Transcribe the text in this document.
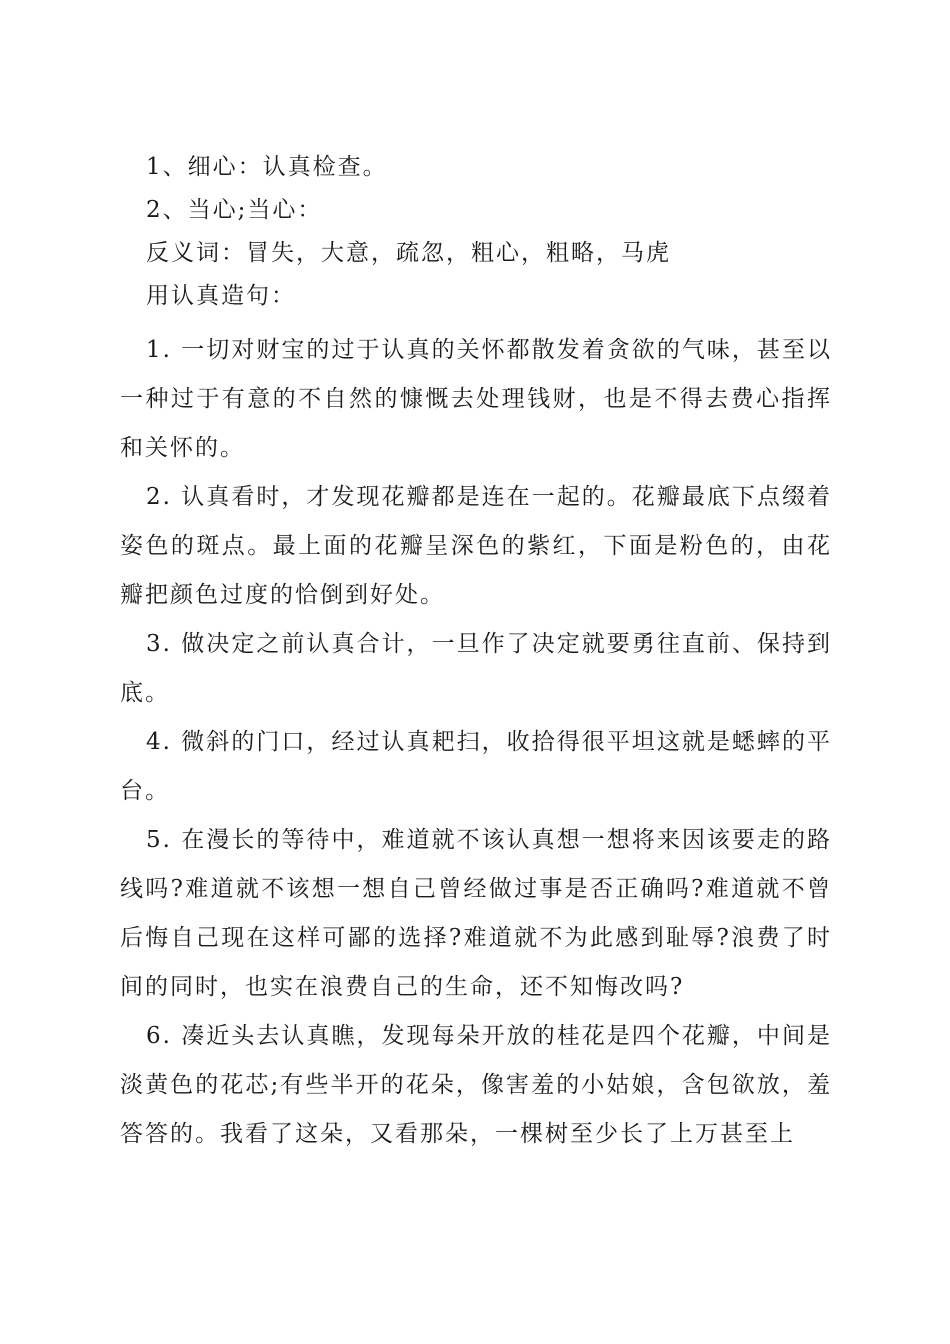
1、细心：认真检查。

2、当心;当心：

反义词：冒失，大意，疏忽，粗心，粗略，马虎

用认真造句：

1. 一切对财宝的过于认真的关怀都散发着贪欲的气味，甚至以一种过于有意的不自然的慷慨去处理钱财，也是不得去费心指挥和关怀的。

2. 认真看时，才发现花瓣都是连在一起的。花瓣最底下点缀着姿色的斑点。最上面的花瓣呈深色的紫红，下面是粉色的，由花瓣把颜色过度的恰倒到好处。

3. 做决定之前认真合计，一旦作了决定就要勇往直前、保持到底。

4. 微斜的门口，经过认真耙扫，收拾得很平坦这就是蟋蟀的平台。

5. 在漫长的等待中，难道就不该认真想一想将来因该要走的路线吗?难道就不该想一想自己曾经做过事是否正确吗?难道就不曾后悔自己现在这样可鄙的选择?难道就不为此感到耻辱?浪费了时间的同时，也实在浪费自己的生命，还不知悔改吗?

6. 凑近头去认真瞧，发现每朵开放的桂花是四个花瓣，中间是淡黄色的花芯;有些半开的花朵，像害羞的小姑娘，含包欲放，羞答答的。我看了这朵，又看那朵，一棵树至少长了上万甚至上
